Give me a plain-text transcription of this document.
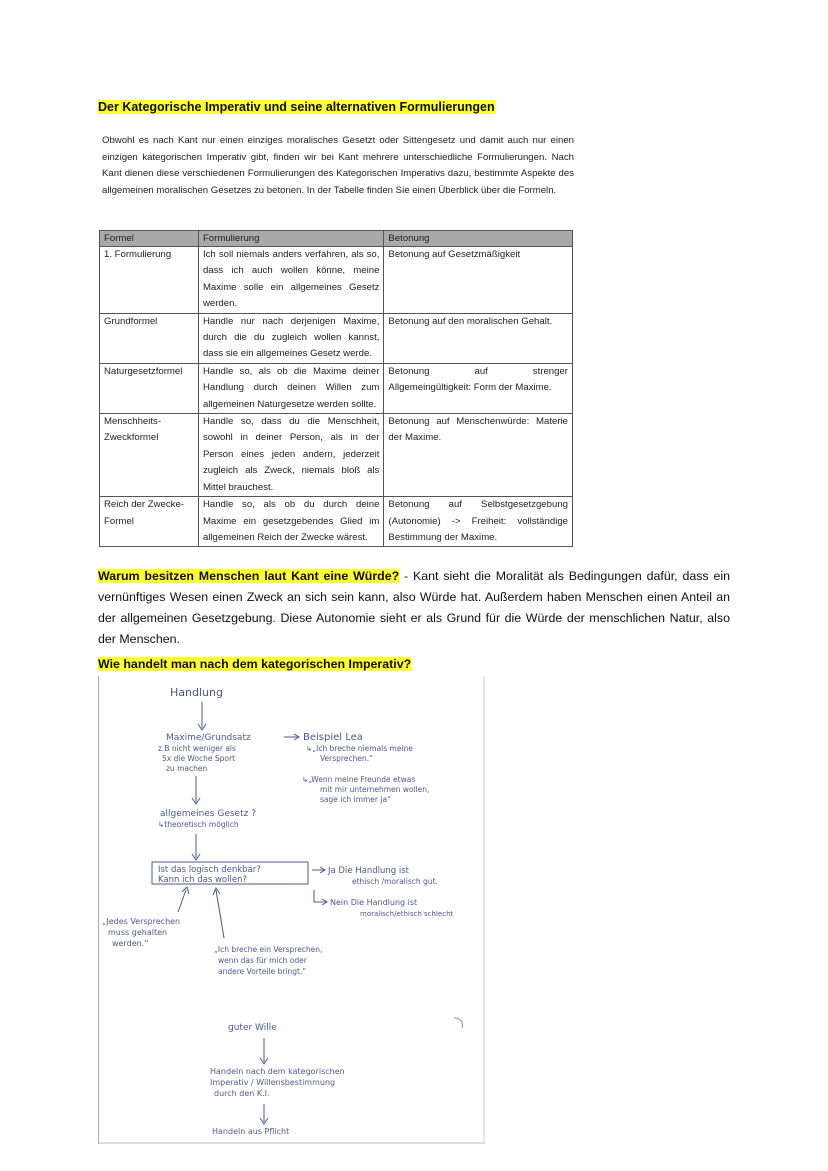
Der Kategorische Imperativ und seine alternativen Formulierungen

Obwohl es nach Kant nur einen einziges moralisches Gesetzt oder Sittengesetz und damit auch nur einen einzigen kategorischen Imperativ gibt, finden wir bei Kant mehrere unterschiedliche Formulierungen. Nach Kant dienen diese verschiedenen Formulierungen des Kategorischen Imperativs dazu, bestimmte Aspekte des allgemeinen moralischen Gesetzes zu betonen. In der Tabelle finden Sie einen Überblick über die Formeln.

Formel	Formulierung	Betonung
1. Formulierung	Ich soll niemals anders verfahren, als so, dass ich auch wollen könne, meine Maxime solle ein allgemeines Gesetz werden.	Betonung auf Gesetzmäßigkeit
Grundformel	Handle nur nach derjenigen Maxime, durch die du zugleich wollen kannst, dass sie ein allgemeines Gesetz werde.	Betonung auf den moralischen Gehalt.
Naturgesetzformel	Handle so, als ob die Maxime deiner Handlung durch deinen Willen zum allgemeinen Naturgesetze werden sollte.	Betonung auf strenger Allgemeingültigkeit: Form der Maxime.
Menschheits-Zweckformel	Handle so, dass du die Menschheit, sowohl in deiner Person, als in der Person eines jeden andern, jederzeit zugleich als Zweck, niemals bloß als Mittel brauchest.	Betonung auf Menschenwürde: Materie der Maxime.
Reich der Zwecke-Formel	Handle so, als ob du durch deine Maxime ein gesetzgebendes Glied im allgemeinen Reich der Zwecke wärest.	Betonung auf Selbstgesetzgebung (Autonomie) -> Freiheit: vollständige Bestimmung der Maxime.

Warum besitzen Menschen laut Kant eine Würde? - Kant sieht die Moralität als Bedingungen dafür, dass ein vernünftiges Wesen einen Zweck an sich sein kann, also Würde hat. Außerdem haben Menschen einen Anteil an der allgemeinen Gesetzgebung. Diese Autonomie sieht er als Grund für die Würde der menschlichen Natur, also der Menschen.

Wie handelt man nach dem kategorischen Imperativ?
Handlung
Maxime/Grundsatz
z.B nicht weniger als
5x die Woche Sport
zu machen
Beispiel Lea
↳„Ich breche niemals meine
Versprechen.“
↳„Wenn meine Freunde etwas
mit mir unternehmen wollen,
sage ich immer ja“
allgemeines Gesetz ?
↳theoretisch möglich
Ist das logisch denkbar?
Kann ich das wollen?
Ja Die Handlung ist
ethisch /moralisch gut.
Nein Die Handlung ist
moralisch/ethisch schlecht
„Jedes Versprechen
muss gehalten
werden.“
„Ich breche ein Versprechen,
wenn das für mich oder
andere Vorteile bringt.“
guter Wille
Handeln nach dem kategorischen
Imperativ / Willensbestimmung
durch den K.I.
Handeln aus Pflicht
